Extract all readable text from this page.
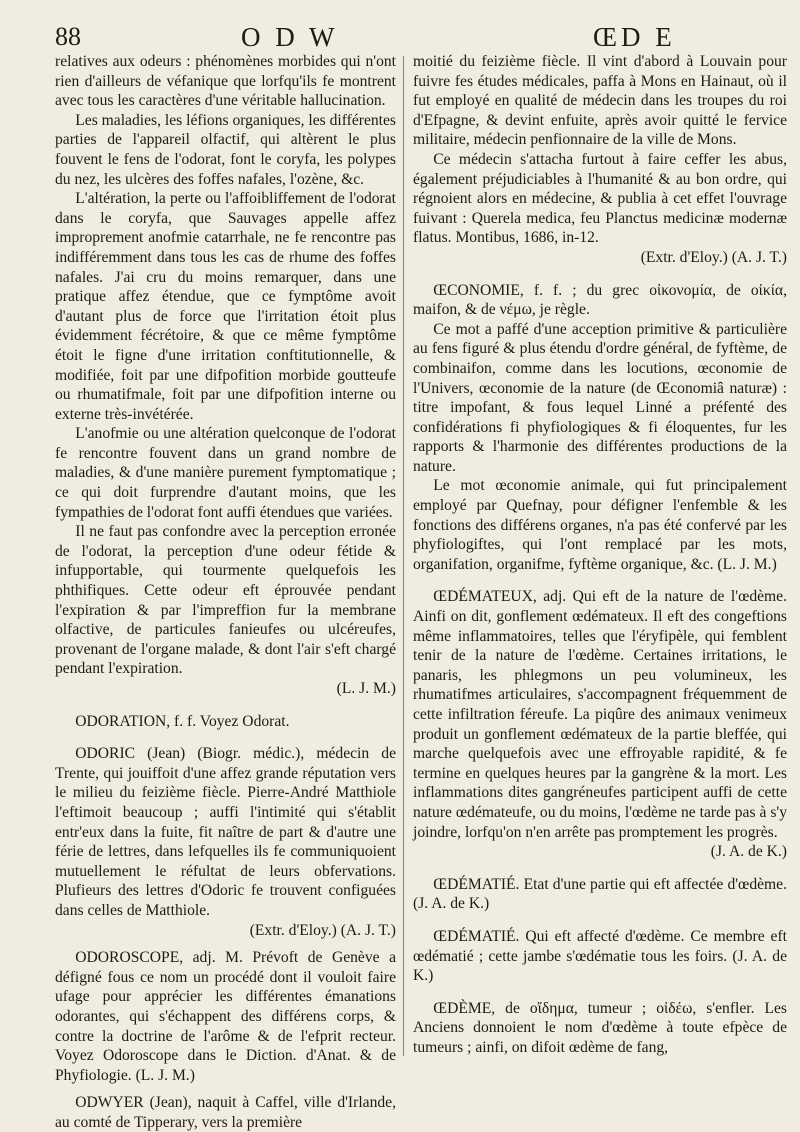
88	O D W	ŒD E

relatives aux odeurs : phénomènes morbides qui n'ont rien d'ailleurs de véfanique que lorfqu'ils fe montrent avec tous les caractères d'une véritable hallucination.

Les maladies, les léfions organiques, les différentes parties de l'appareil olfactif, qui altèrent le plus fouvent le fens de l'odorat, font le coryfa, les polypes du nez, les ulcères des foffes nafales, l'ozène, &c.

L'altération, la perte ou l'affoibliffement de l'odorat dans le coryfa, que Sauvages appelle affez improprement anofmie catarrhale, ne fe rencontre pas indifféremment dans tous les cas de rhume des foffes nafales. J'ai cru du moins remarquer, dans une pratique affez étendue, que ce fymptôme avoit d'autant plus de force que l'irritation étoit plus évidemment fécrétoire, & que ce même fymptôme étoit le figne d'une irritation conftitutionnelle, & modifiée, foit par une difpofition morbide goutteufe ou rhumatifmale, foit par une difpofition interne ou externe très-invétérée.

L'anofmie ou une altération quelconque de l'odorat fe rencontre fouvent dans un grand nombre de maladies, & d'une manière purement fymptomatique ; ce qui doit furprendre d'autant moins, que les fympathies de l'odorat font auffi étendues que variées.

Il ne faut pas confondre avec la perception erronée de l'odorat, la perception d'une odeur fétide & infupportable, qui tourmente quelquefois les phthifiques. Cette odeur eft éprouvée pendant l'expiration & par l'impreffion fur la membrane olfactive, de particules fanieufes ou ulcéreufes, provenant de l'organe malade, & dont l'air s'eft chargé pendant l'expiration.

(L. J. M.)

ODORATION, f. f. Voyez Odorat.

ODORIC (Jean) (Biogr. médic.), médecin de Trente, qui jouiffoit d'une affez grande réputation vers le milieu du feizième fiècle. Pierre-André Matthiole l'eftimoit beaucoup ; auffi l'intimité qui s'établit entr'eux dans la fuite, fit naître de part & d'autre une férie de lettres, dans lefquelles ils fe communiquoient mutuellement le réfultat de leurs obfervations. Plufieurs des lettres d'Odoric fe trouvent configuées dans celles de Matthiole.

(Extr. d'Eloy.) (A. J. T.)

ODOROSCOPE, adj. M. Prévoft de Genève a défigné fous ce nom un procédé dont il vouloit faire ufage pour apprécier les différentes émanations odorantes, qui s'échappent des différens corps, & contre la doctrine de l'arôme & de l'efprit recteur. Voyez Odoroscope dans le Diction. d'Anat. & de Phyfiologie. (L. J. M.)

ODWYER (Jean), naquit à Caffel, ville d'Irlande, au comté de Tipperary, vers la première

moitié du feizième fiècle. Il vint d'abord à Louvain pour fuivre fes études médicales, paffa à Mons en Hainaut, où il fut employé en qualité de médecin dans les troupes du roi d'Efpagne, & devint enfuite, après avoir quitté le fervice militaire, médecin penfionnaire de la ville de Mons.

Ce médecin s'attacha furtout à faire ceffer les abus, également préjudiciables à l'humanité & au bon ordre, qui régnoient alors en médecine, & publia à cet effet l'ouvrage fuivant : Querela medica, feu Planctus medicinæ modernæ flatus. Montibus, 1686, in-12.

(Extr. d'Eloy.) (A. J. T.)

ŒCONOMIE, f. f. ; du grec οἰκονομία, de οἰκία, maifon, & de νέμω, je règle.

Ce mot a paffé d'une acception primitive & particulière au fens figuré & plus étendu d'ordre général, de fyftème, de combinaifon, comme dans les locutions, œconomie de l'Univers, œconomie de la nature (de Œconomiâ naturæ) : titre impofant, & fous lequel Linné a préfenté des confidérations fi phyfiologiques & fi éloquentes, fur les rapports & l'harmonie des différentes productions de la nature.

Le mot œconomie animale, qui fut principalement employé par Quefnay, pour défigner l'enfemble & les fonctions des différens organes, n'a pas été confervé par les phyfiologiftes, qui l'ont remplacé par les mots, organifation, organifme, fyftème organique, &c. (L. J. M.)

ŒDÉMATEUX, adj. Qui eft de la nature de l'œdème. Ainfi on dit, gonflement œdémateux. Il eft des congeftions même inflammatoires, telles que l'éryfipèle, qui femblent tenir de la nature de l'œdème. Certaines irritations, le panaris, les phlegmons un peu volumineux, les rhumatifmes articulaires, s'accompagnent fréquemment de cette infiltration féreufe. La piqûre des animaux venimeux produit un gonflement œdémateux de la partie bleffée, qui marche quelquefois avec une effroyable rapidité, & fe termine en quelques heures par la gangrène & la mort. Les inflammations dites gangréneufes participent auffi de cette nature œdémateufe, ou du moins, l'œdème ne tarde pas à s'y joindre, lorfqu'on n'en arrête pas promptement les progrès.

(J. A. de K.)

ŒDÉMATIÉ. Etat d'une partie qui eft affectée d'œdème. (J. A. de K.)

ŒDÉMATIÉ. Qui eft affecté d'œdème. Ce membre eft œdématié ; cette jambe s'œdématie tous les foirs. (J. A. de K.)

ŒDÈME, de οἴδημα, tumeur ; οἰδέω, s'enfler. Les Anciens donnoient le nom d'œdème à toute efpèce de tumeurs ; ainfi, on difoit œdème de fang,
